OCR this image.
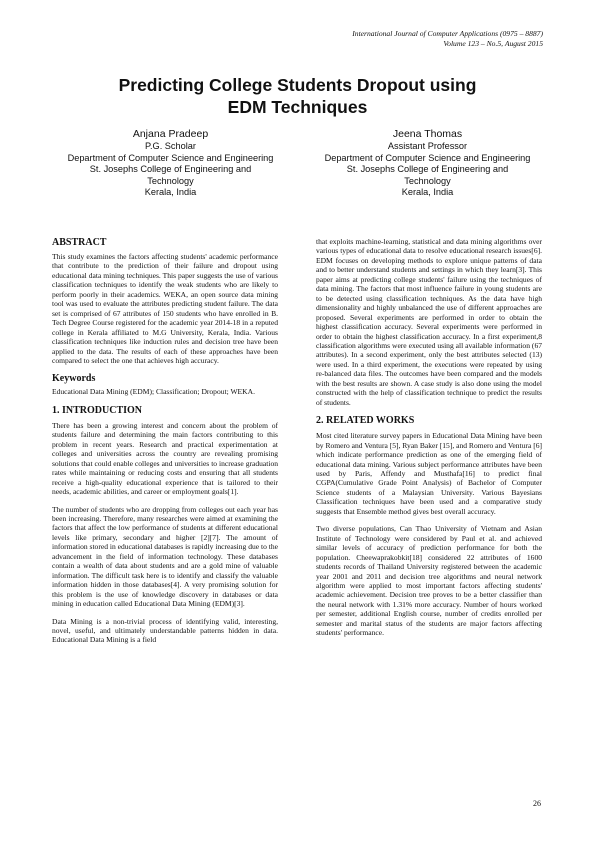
International Journal of Computer Applications (0975 – 8887)
Volume 123 – No.5, August 2015
Predicting College Students Dropout using
EDM Techniques
Anjana Pradeep
P.G. Scholar
Department of Computer Science and Engineering
St. Josephs College of Engineering and
Technology
Kerala, India
Jeena Thomas
Assistant Professor
Department of Computer Science and Engineering
St. Josephs College of Engineering and
Technology
Kerala, India
ABSTRACT

This study examines the factors affecting students' academic performance that contribute to the prediction of their failure and dropout using educational data mining techniques. This paper suggests the use of various classification techniques to identify the weak students who are likely to perform poorly in their academics. WEKA, an open source data mining tool was used to evaluate the attributes predicting student failure. The data set is comprised of 67 attributes of 150 students who have enrolled in B. Tech Degree Course registered for the academic year 2014-18 in a reputed college in Kerala affiliated to M.G University, Kerala, India. Various classification techniques like induction rules and decision tree have been applied to the data. The results of each of these approaches have been compared to select the one that achieves high accuracy.

Keywords

Educational Data Mining (EDM); Classification; Dropout; WEKA.

1. INTRODUCTION

There has been a growing interest and concern about the problem of students failure and determining the main factors contributing to this problem in recent years. Research and practical experimentation at colleges and universities across the country are revealing promising solutions that could enable colleges and universities to increase graduation rates while maintaining or reducing costs and ensuring that all students receive a high-quality educational experience that is tailored to their needs, academic abilities, and career or employment goals[1].

The number of students who are dropping from colleges out each year has been increasing. Therefore, many researches were aimed at examining the factors that affect the low performance of students at different educational levels like primary, secondary and higher [2][7]. The amount of information stored in educational databases is rapidly increasing due to the advancement in the field of information technology. These databases contain a wealth of data about students and are a gold mine of valuable information. The difficult task here is to identify and classify the valuable information hidden in those databases[4]. A very promising solution for this problem is the use of knowledge discovery in databases or data mining in education called Educational Data Mining (EDM)[3].

Data Mining is a non-trivial process of identifying valid, interesting, novel, useful, and ultimately understandable patterns hidden in data. Educational Data Mining is a field

that exploits machine-learning, statistical and data mining algorithms over various types of educational data to resolve educational research issues[6]. EDM focuses on developing methods to explore unique patterns of data and to better understand students and settings in which they learn[3]. This paper aims at predicting college students' failure using the techniques of data mining. The factors that most influence failure in young students are to be detected using classification techniques. As the data have high dimensionality and highly unbalanced the use of different approaches are proposed. Several experiments are performed in order to obtain the highest classification accuracy. Several experiments were performed in order to obtain the highest classification accuracy. In a first experiment,8 classification algorithms were executed using all available information (67 attributes). In a second experiment, only the best attributes selected (13) were used. In a third experiment, the executions were repeated by using re-balanced data files. The outcomes have been compared and the models with the best results are shown. A case study is also done using the model constructed with the help of classification technique to predict the results of students.

2. RELATED WORKS

Most cited literature survey papers in Educational Data Mining have been by Romero and Ventura [5], Ryan Baker [15], and Romero and Ventura [6] which indicate performance prediction as one of the emerging field of educational data mining. Various subject performance attributes have been used by Paris, Affendy and Musthafa[16] to predict final CGPA(Cumulative Grade Point Analysis) of Bachelor of Computer Science students of a Malaysian University. Various Bayesians Classification techniques have been used and a comparative study suggests that Ensemble method gives best overall accuracy.

Two diverse populations, Can Thao University of Vietnam and Asian Institute of Technology were considered by Paul et al. and achieved similar levels of accuracy of prediction performance for both the population. Cheewaprakobkit[18] considered 22 attributes of 1600 students records of Thailand University registered between the academic year 2001 and 2011 and decision tree algorithms and neural network algorithm were applied to most important factors affecting students' academic achievement. Decision tree proves to be a better classifier than the neural network with 1.31% more accuracy. Number of hours worked per semester, additional English course, number of credits enrolled per semester and marital status of the students are major factors affecting students' performance.

26
